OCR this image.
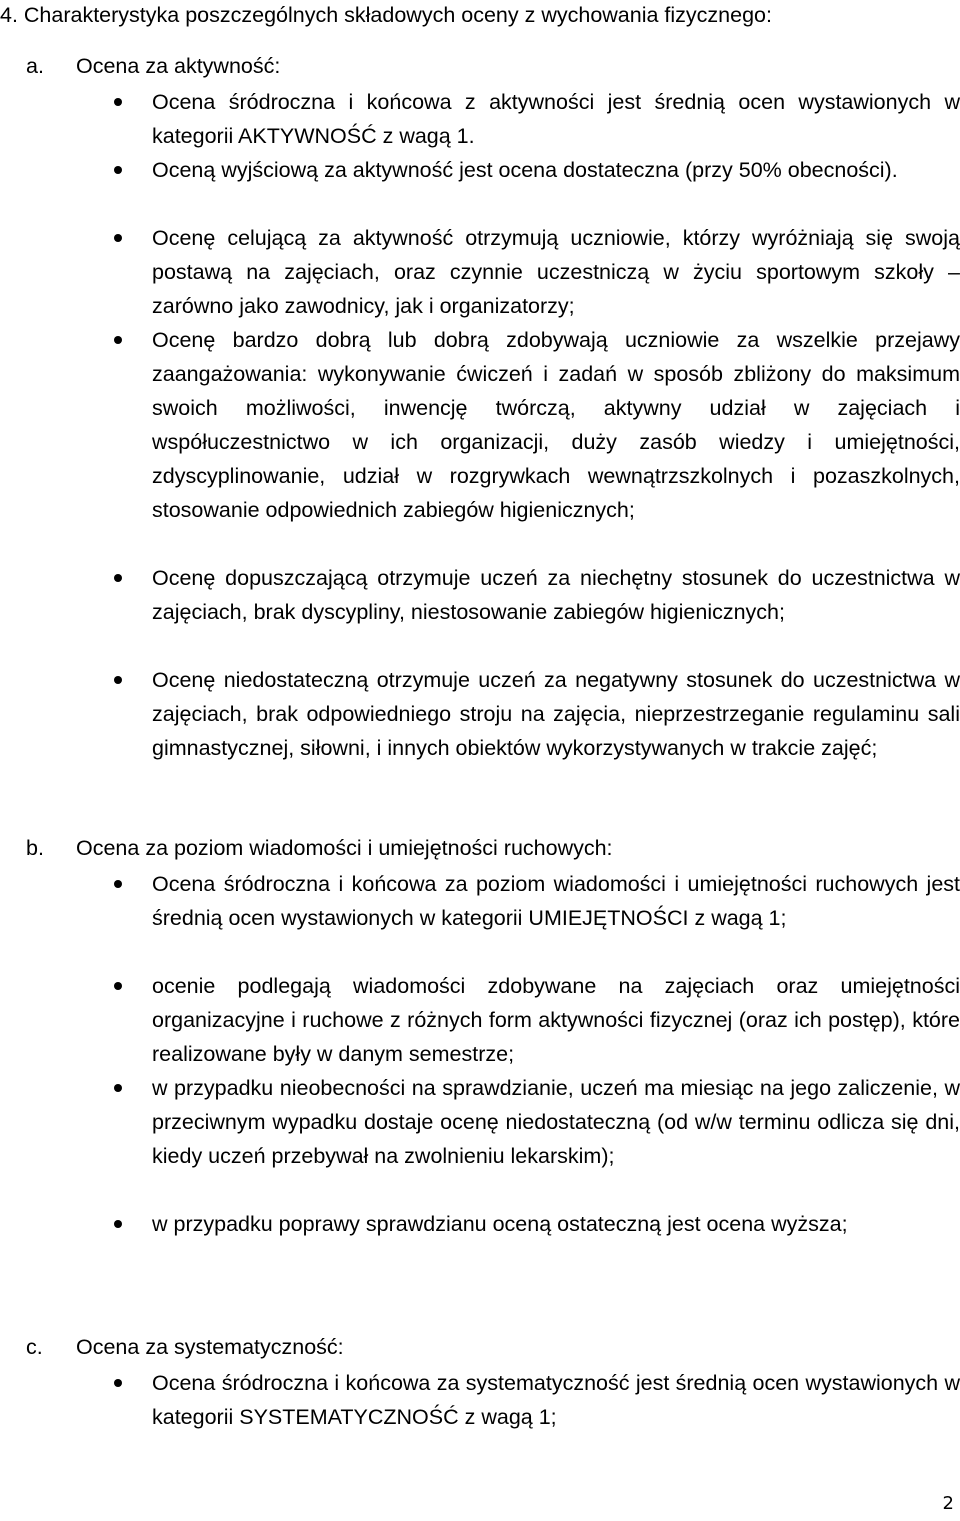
4. Charakterystyka poszczególnych składowych oceny z wychowania fizycznego:
a.	Ocena za aktywność:
Ocena śródroczna i końcowa z aktywności jest średnią ocen wystawionych w kategorii AKTYWNOŚĆ z wagą 1.
Oceną wyjściową za aktywność jest ocena dostateczna (przy 50% obecności).
Ocenę celującą za aktywność otrzymują uczniowie, którzy wyróżniają się swoją postawą na zajęciach, oraz czynnie uczestniczą w życiu sportowym szkoły – zarówno jako zawodnicy, jak i organizatorzy;
Ocenę bardzo dobrą lub dobrą zdobywają uczniowie za wszelkie przejawy zaangażowania: wykonywanie ćwiczeń i zadań w sposób zbliżony do maksimum swoich możliwości, inwencję twórczą, aktywny udział w zajęciach i współuczestnictwo w ich organizacji, duży zasób wiedzy i umiejętności, zdyscyplinowanie, udział w rozgrywkach wewnątrzszkolnych i pozaszkolnych, stosowanie odpowiednich zabiegów higienicznych;
Ocenę dopuszczającą otrzymuje uczeń za niechętny stosunek do uczestnictwa w zajęciach, brak dyscypliny, niestosowanie zabiegów higienicznych;
Ocenę niedostateczną otrzymuje uczeń za negatywny stosunek do uczestnictwa w zajęciach, brak odpowiedniego stroju na zajęcia, nieprzestrzeganie regulaminu sali gimnastycznej, siłowni, i innych obiektów wykorzystywanych w trakcie zajęć;
b.	Ocena za poziom wiadomości i umiejętności ruchowych:
Ocena śródroczna i końcowa za poziom wiadomości i umiejętności ruchowych jest średnią ocen wystawionych w kategorii UMIEJĘTNOŚCI z wagą 1;
ocenie podlegają wiadomości zdobywane na zajęciach oraz umiejętności organizacyjne i ruchowe z różnych form aktywności fizycznej (oraz ich postęp), które realizowane były w danym semestrze;
w przypadku nieobecności na sprawdzianie, uczeń ma miesiąc na jego zaliczenie, w przeciwnym wypadku dostaje ocenę niedostateczną (od w/w terminu odlicza się dni, kiedy uczeń przebywał na zwolnieniu lekarskim);
w przypadku poprawy sprawdzianu oceną ostateczną jest ocena wyższa;
c.	Ocena za systematyczność:
Ocena śródroczna i końcowa za systematyczność jest średnią ocen wystawionych w kategorii SYSTEMATYCZNOŚĆ z wagą 1;
2
